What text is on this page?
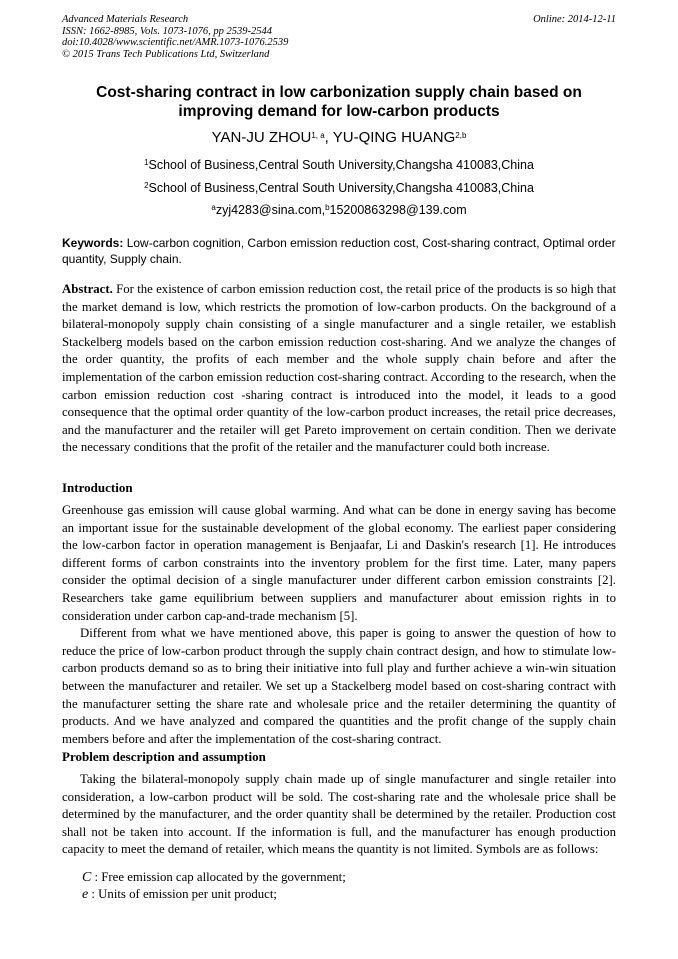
Advanced Materials Research
ISSN: 1662-8985, Vols. 1073-1076, pp 2539-2544
doi:10.4028/www.scientific.net/AMR.1073-1076.2539
© 2015 Trans Tech Publications Ltd, Switzerland
Online: 2014-12-11
Cost-sharing contract in low carbonization supply chain based on
improving demand for low-carbon products
YAN-JU ZHOU$^{1, a}$, YU-QING HUANG$^{2,b}$
$^1$School of Business,Central South University,Changsha 410083,China
$^2$School of Business,Central South University,Changsha 410083,China
$^a$zyj4283@sina.com,$^b$15200863298@139.com
Keywords: Low-carbon cognition, Carbon emission reduction cost, Cost-sharing contract, Optimal order quantity, Supply chain.

Abstract. For the existence of carbon emission reduction cost, the retail price of the products is so high that the market demand is low, which restricts the promotion of low-carbon products. On the background of a bilateral-monopoly supply chain consisting of a single manufacturer and a single retailer, we establish Stackelberg models based on the carbon emission reduction cost-sharing. And we analyze the changes of the order quantity, the profits of each member and the whole supply chain before and after the implementation of the carbon emission reduction cost-sharing contract. According to the research, when the carbon emission reduction cost -sharing contract is introduced into the model, it leads to a good consequence that the optimal order quantity of the low-carbon product increases, the retail price decreases, and the manufacturer and the retailer will get Pareto improvement on certain condition. Then we derivate the necessary conditions that the profit of the retailer and the manufacturer could both increase.

Introduction

Greenhouse gas emission will cause global warming. And what can be done in energy saving has become an important issue for the sustainable development of the global economy. The earliest paper considering the low-carbon factor in operation management is Benjaafar, Li and Daskin's research [1]. He introduces different forms of carbon constraints into the inventory problem for the first time. Later, many papers consider the optimal decision of a single manufacturer under different carbon emission constraints [2]. Researchers take game equilibrium between suppliers and manufacturer about emission rights in to consideration under carbon cap-and-trade mechanism [5].

Different from what we have mentioned above, this paper is going to answer the question of how to reduce the price of low-carbon product through the supply chain contract design, and how to stimulate low-carbon products demand so as to bring their initiative into full play and further achieve a win-win situation between the manufacturer and retailer. We set up a Stackelberg model based on cost-sharing contract with the manufacturer setting the share rate and wholesale price and the retailer determining the quantity of products. And we have analyzed and compared the quantities and the profit change of the supply chain members before and after the implementation of the cost-sharing contract.

Problem description and assumption

Taking the bilateral-monopoly supply chain made up of single manufacturer and single retailer into consideration, a low-carbon product will be sold. The cost-sharing rate and the wholesale price shall be determined by the manufacturer, and the order quantity shall be determined by the retailer. Production cost shall not be taken into account. If the information is full, and the manufacturer has enough production capacity to meet the demand of retailer, which means the quantity is not limited. Symbols are as follows:

C : Free emission cap allocated by the government;
e : Units of emission per unit product;
